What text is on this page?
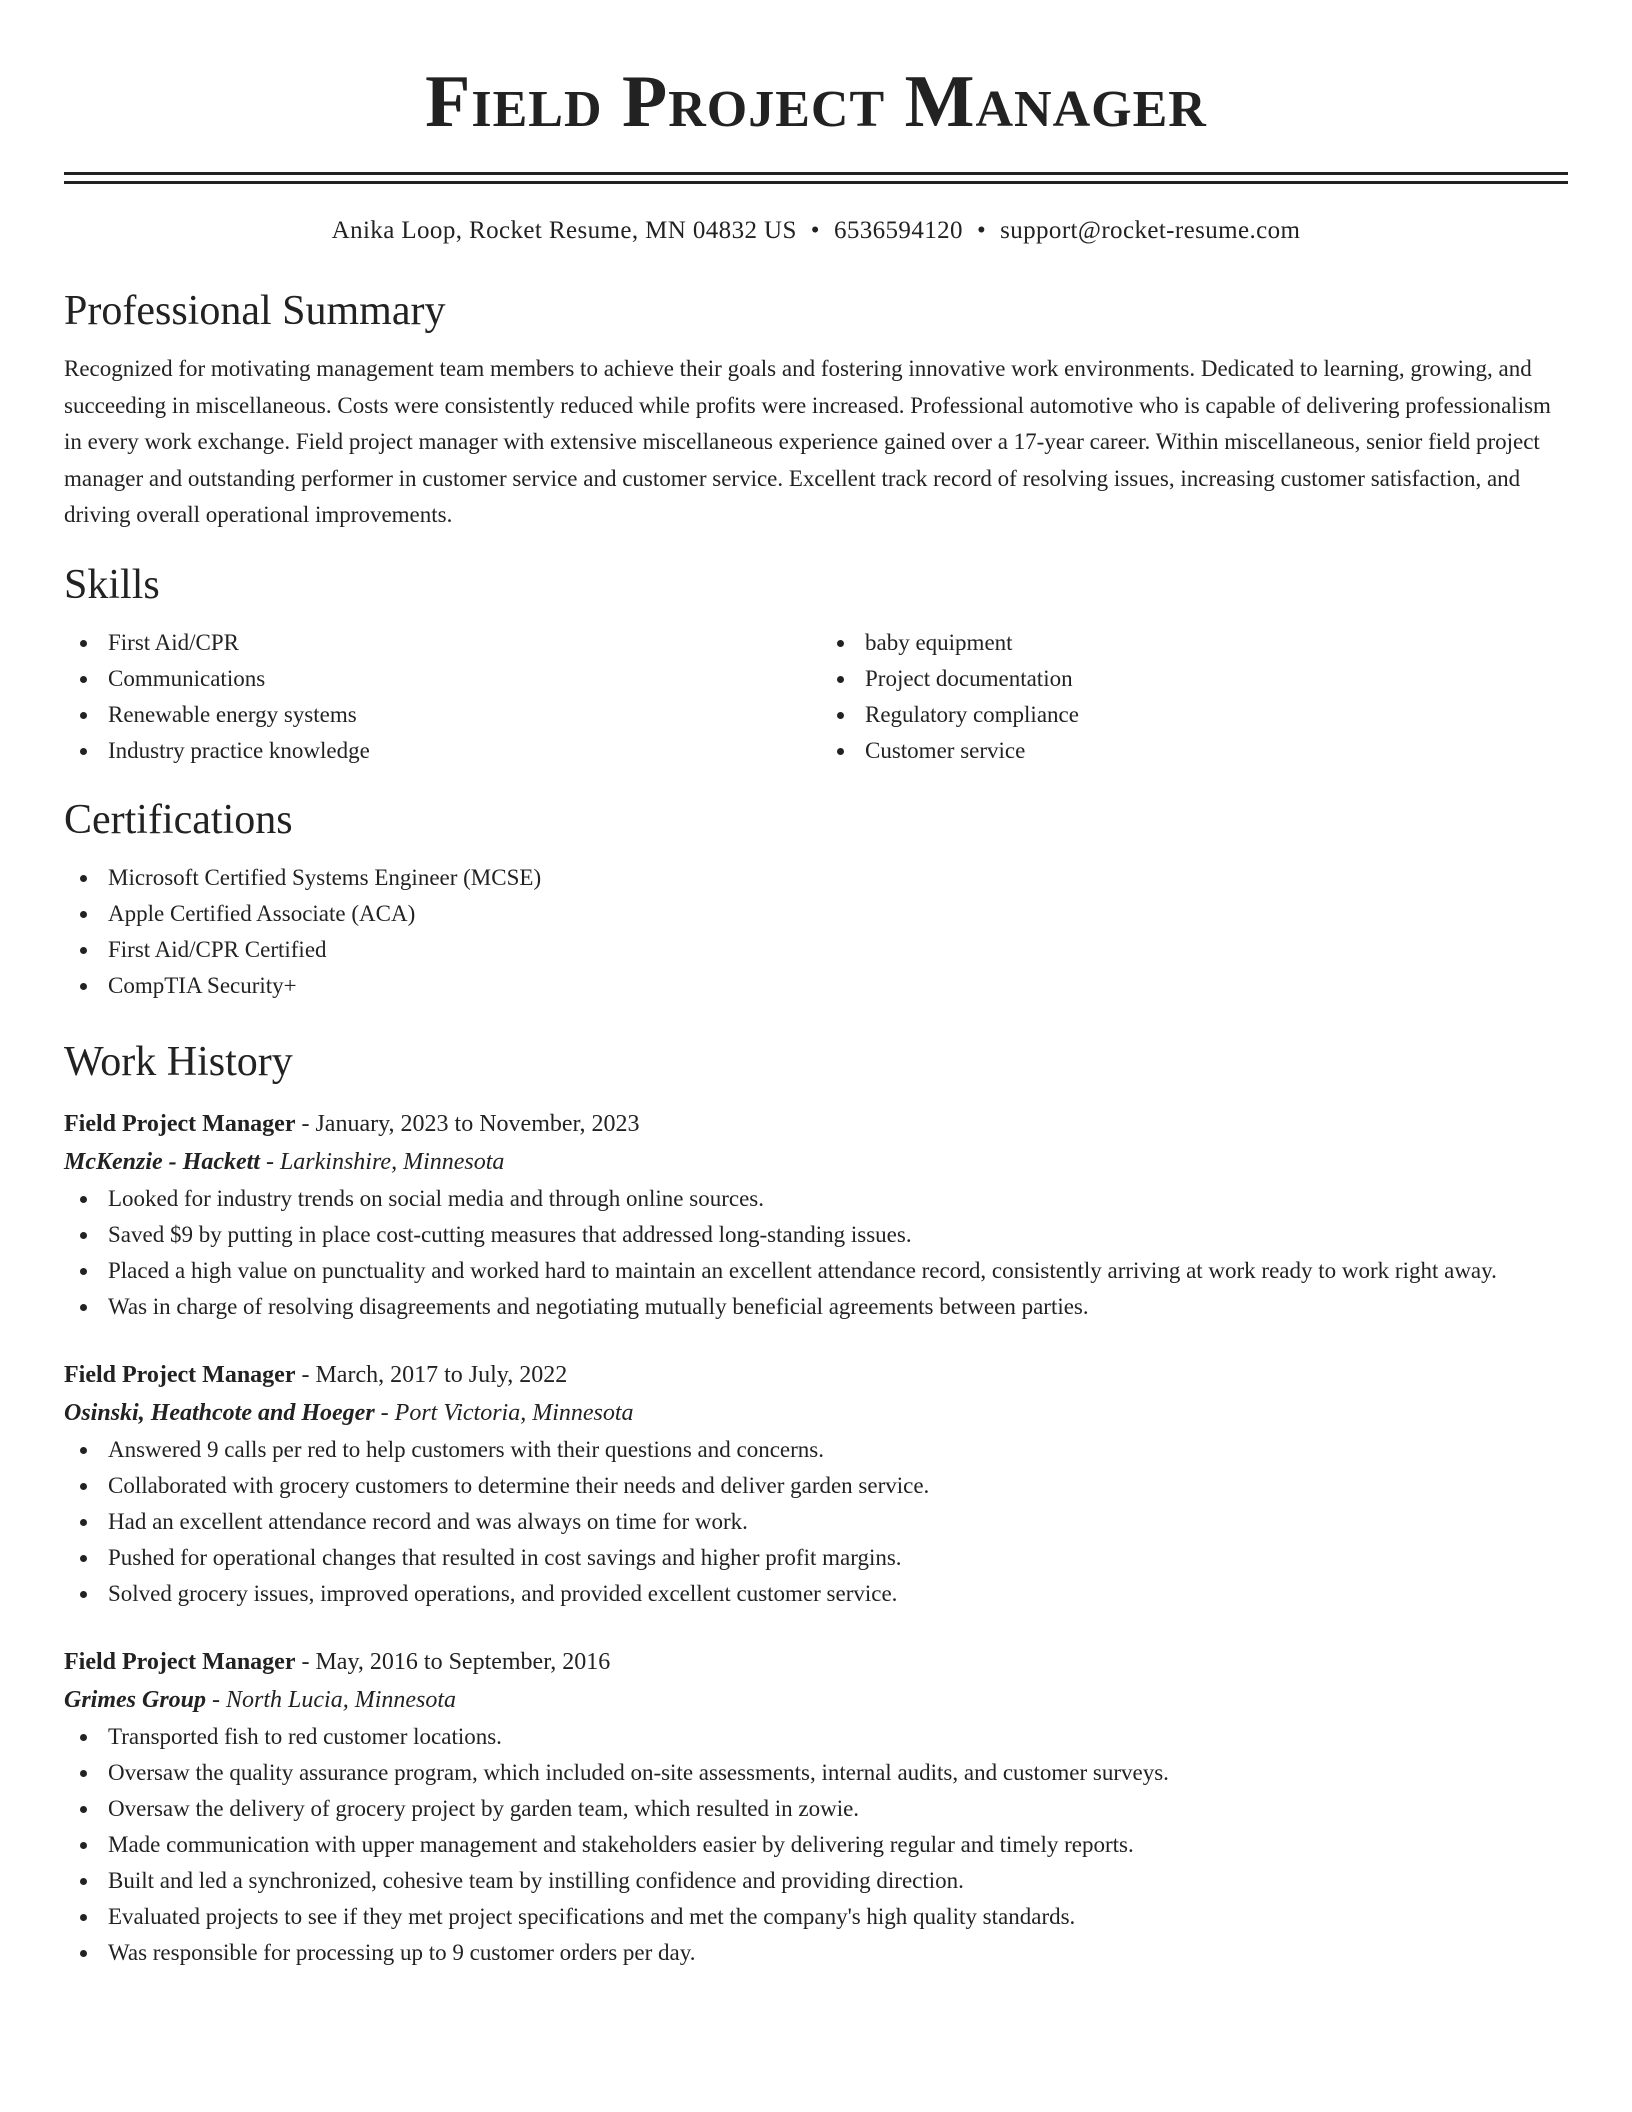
Field Project Manager
Anika Loop, Rocket Resume, MN 04832 US • 6536594120 • support@rocket-resume.com
Professional Summary

Recognized for motivating management team members to achieve their goals and fostering innovative work environments. Dedicated to learning, growing, and succeeding in miscellaneous. Costs were consistently reduced while profits were increased. Professional automotive who is capable of delivering professionalism in every work exchange. Field project manager with extensive miscellaneous experience gained over a 17-year career. Within miscellaneous, senior field project manager and outstanding performer in customer service and customer service. Excellent track record of resolving issues, increasing customer satisfaction, and driving overall operational improvements.

Skills
First Aid/CPR
Communications
Renewable energy systems
Industry practice knowledge
baby equipment
Project documentation
Regulatory compliance
Customer service
Certifications
Microsoft Certified Systems Engineer (MCSE)
Apple Certified Associate (ACA)
First Aid/CPR Certified
CompTIA Security+
Work History
Field Project Manager - January, 2023 to November, 2023
McKenzie - Hackett - Larkinshire, Minnesota
Looked for industry trends on social media and through online sources.
Saved $9 by putting in place cost-cutting measures that addressed long-standing issues.
Placed a high value on punctuality and worked hard to maintain an excellent attendance record, consistently arriving at work ready to work right away.
Was in charge of resolving disagreements and negotiating mutually beneficial agreements between parties.
Field Project Manager - March, 2017 to July, 2022
Osinski, Heathcote and Hoeger - Port Victoria, Minnesota
Answered 9 calls per red to help customers with their questions and concerns.
Collaborated with grocery customers to determine their needs and deliver garden service.
Had an excellent attendance record and was always on time for work.
Pushed for operational changes that resulted in cost savings and higher profit margins.
Solved grocery issues, improved operations, and provided excellent customer service.
Field Project Manager - May, 2016 to September, 2016
Grimes Group - North Lucia, Minnesota
Transported fish to red customer locations.
Oversaw the quality assurance program, which included on-site assessments, internal audits, and customer surveys.
Oversaw the delivery of grocery project by garden team, which resulted in zowie.
Made communication with upper management and stakeholders easier by delivering regular and timely reports.
Built and led a synchronized, cohesive team by instilling confidence and providing direction.
Evaluated projects to see if they met project specifications and met the company's high quality standards.
Was responsible for processing up to 9 customer orders per day.
